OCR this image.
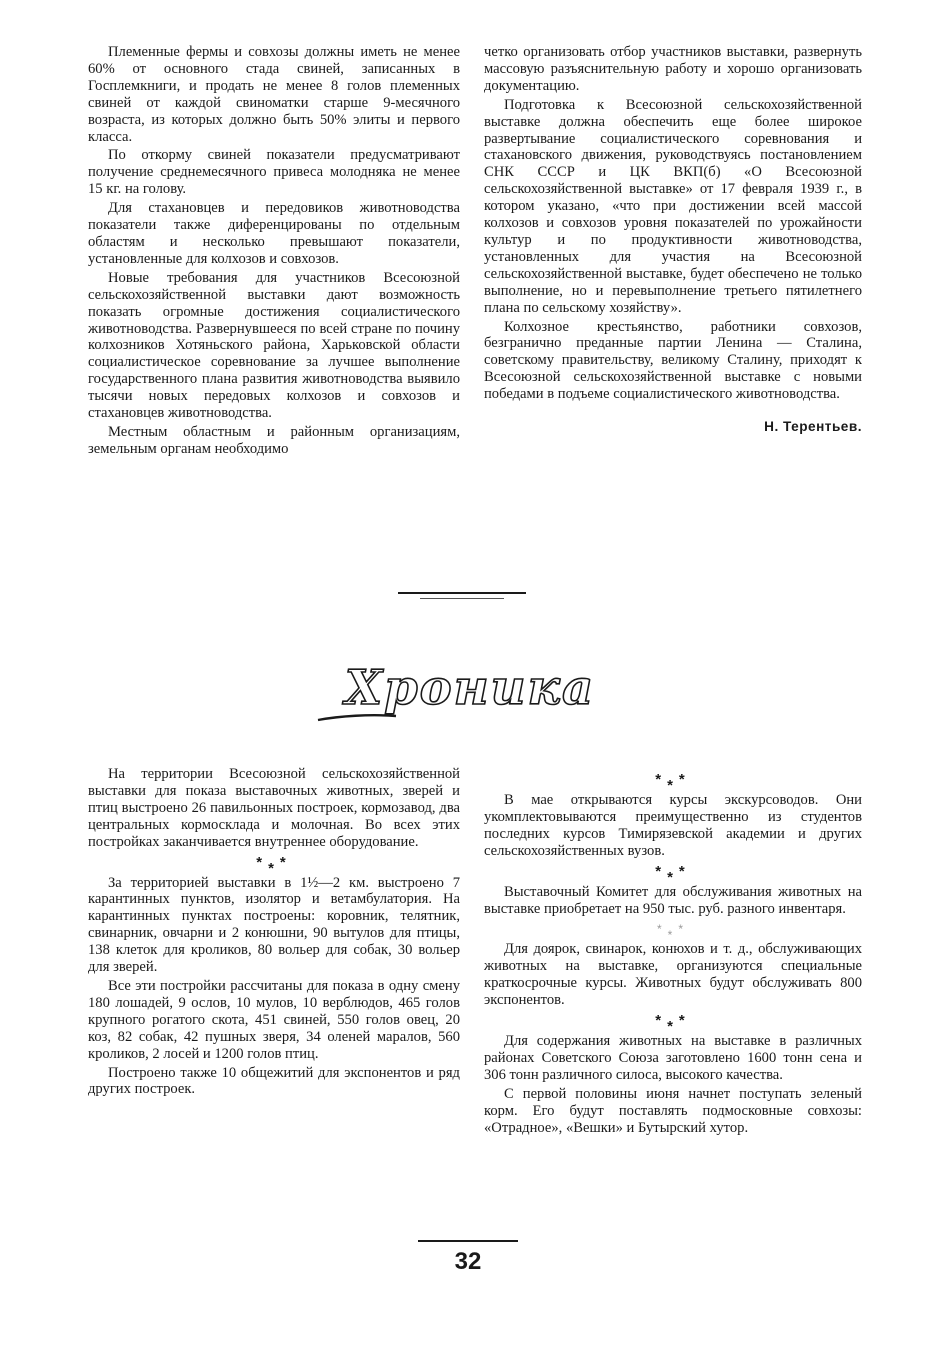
Племенные фермы и совхозы должны иметь не менее 60% от основного стада свиней, записанных в Госплемкниги, и продать не менее 8 голов племенных свиней от каждой свиноматки старше 9-месячного возраста, из которых должно быть 50% элиты и первого класса.

По откорму свиней показатели предусматривают получение среднемесячного привеса молодняка не менее 15 кг. на голову.

Для стахановцев и передовиков животноводства показатели также диференцированы по отдельным областям и несколько превышают показатели, установленные для колхозов и совхозов.

Новые требования для участников Всесоюзной сельскохозяйственной выставки дают возможность показать огромные достижения социалистического животноводства. Развернувшееся по всей стране по почину колхозников Хотяньского района, Харьковской области социалистическое соревнование за лучшее выполнение государственного плана развития животноводства выявило тысячи новых передовых колхозов и совхозов и стахановцев животноводства.

Местным областным и районным организациям, земельным органам необходимо

четко организовать отбор участников выставки, развернуть массовую разъяснительную работу и хорошо организовать документацию.

Подготовка к Всесоюзной сельскохозяйственной выставке должна обеспечить еще более широкое развертывание социалистического соревнования и стахановского движения, руководствуясь постановлением СНК СССР и ЦК ВКП(б) «О Всесоюзной сельскохозяйственной выставке» от 17 февраля 1939 г., в котором указано, «что при достижении всей массой колхозов и совхозов уровня показателей по урожайности культур и по продуктивности животноводства, установленных для участия на Всесоюзной сельскохозяйственной выставке, будет обеспечено не только выполнение, но и перевыполнение третьего пятилетнего плана по сельскому хозяйству».

Колхозное крестьянство, работники совхозов, безгранично преданные партии Ленина — Сталина, советскому правительству, великому Сталину, приходят к Всесоюзной сельскохозяйственной выставке с новыми победами в подъеме социалистического животноводства.

Н. Терентьев.

Хроника

На территории Всесоюзной сельскохозяйственной выставки для показа выставочных животных, зверей и птиц выстроено 26 павильонных построек, кормозавод, два центральных кормосклада и молочная. Во всех этих постройках заканчивается внутреннее оборудование.

***

За территорией выставки в 1½—2 км. выстроено 7 карантинных пунктов, изолятор и ветамбулатория. На карантинных пунктах построены: коровник, телятник, свинарник, овчарни и 2 конюшни, 90 вытулов для птицы, 138 клеток для кроликов, 80 вольер для собак, 30 вольер для зверей.

Все эти постройки рассчитаны для показа в одну смену 180 лошадей, 9 ослов, 10 мулов, 10 верблюдов, 465 голов крупного рогатого скота, 451 свиней, 550 голов овец, 20 коз, 82 собак, 42 пушных зверя, 34 оленей маралов, 560 кроликов, 2 лосей и 1200 голов птиц.

Построено также 10 общежитий для экспонентов и ряд других построек.

***

В мае открываются курсы экскурсоводов. Они укомплектовываются преимущественно из студентов последних курсов Тимирязевской академии и других сельскохозяйственных вузов.

***

Выставочный Комитет для обслуживания животных на выставке приобретает на 950 тыс. руб. разного инвентаря.

***

Для доярок, свинарок, конюхов и т. д., обслуживающих животных на выставке, организуются специальные краткосрочные курсы. Животных будут обслуживать 800 экспонентов.

***

Для содержания животных на выставке в различных районах Советского Союза заготовлено 1600 тонн сена и 306 тонн различного силоса, высокого качества.

С первой половины июня начнет поступать зеленый корм. Его будут поставлять подмосковные совхозы: «Отрадное», «Вешки» и Бутырский хутор.

32
